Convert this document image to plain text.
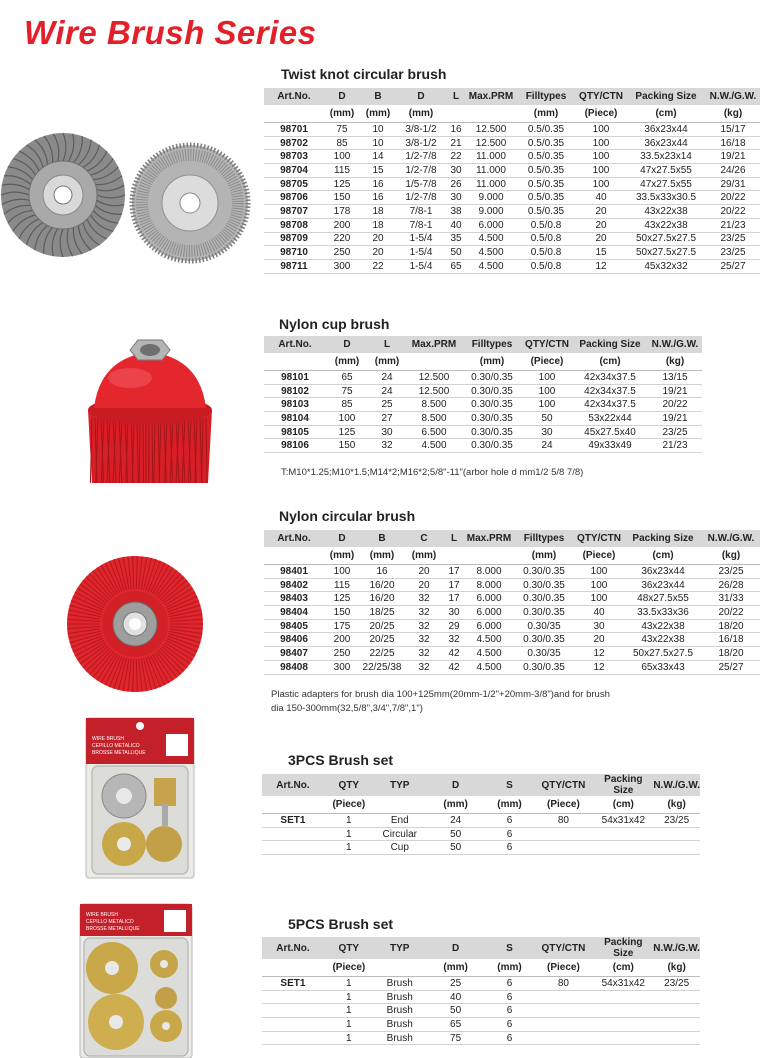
Wire Brush Series
Twist knot circular brush
Art.No.	D	B	D	L	Max.PRM	Filltypes	QTY/CTN	Packing Size	N.W./G.W.
	(mm)	(mm)	(mm)			(mm)	(Piece)	(cm)	(kg)
98701	75	10	3/8-1/2	16	12.500	0.5/0.35	100	36x23x44	15/17
98702	85	10	3/8-1/2	21	12.500	0.5/0.35	100	36x23x44	16/18
98703	100	14	1/2-7/8	22	11.000	0.5/0.35	100	33.5x23x14	19/21
98704	115	15	1/2-7/8	30	11.000	0.5/0.35	100	47x27.5x55	24/26
98705	125	16	1/5-7/8	26	11.000	0.5/0.35	100	47x27.5x55	29/31
98706	150	16	1/2-7/8	30	9.000	0.5/0.35	40	33.5x33x30.5	20/22
98707	178	18	7/8-1	38	9.000	0.5/0.35	20	43x22x38	20/22
98708	200	18	7/8-1	40	6.000	0.5/0.8	20	43x22x38	21/23
98709	220	20	1-5/4	35	4.500	0.5/0.8	20	50x27.5x27.5	23/25
98710	250	20	1-5/4	50	4.500	0.5/0.8	15	50x27.5x27.5	23/25
98711	300	22	1-5/4	65	4.500	0.5/0.8	12	45x32x32	25/27
Nylon cup brush
Art.No.	D	L	Max.PRM	Filltypes	QTY/CTN	Packing Size	N.W./G.W.
	(mm)	(mm)		(mm)	(Piece)	(cm)	(kg)
98101	65	24	12.500	0.30/0.35	100	42x34x37.5	13/15
98102	75	24	12.500	0.30/0.35	100	42x34x37.5	19/21
98103	85	25	8.500	0.30/0.35	100	42x34x37.5	20/22
98104	100	27	8.500	0.30/0.35	50	53x22x44	19/21
98105	125	30	6.500	0.30/0.35	30	45x27.5x40	23/25
98106	150	32	4.500	0.30/0.35	24	49x33x49	21/23
T:M10*1.25;M10*1.5;M14*2;M16*2;5/8"-11"(arbor hole d mm1/2 5/8 7/8)
Nylon circular brush
Art.No.	D	B	C	L	Max.PRM	Filltypes	QTY/CTN	Packing Size	N.W./G.W.
	(mm)	(mm)	(mm)			(mm)	(Piece)	(cm)	(kg)
98401	100	16	20	17	8.000	0.30/0.35	100	36x23x44	23/25
98402	115	16/20	20	17	8.000	0.30/0.35	100	36x23x44	26/28
98403	125	16/20	32	17	6.000	0.30/0.35	100	48x27.5x55	31/33
98404	150	18/25	32	30	6.000	0.30/0.35	40	33.5x33x36	20/22
98405	175	20/25	32	29	6.000	0.30/35	30	43x22x38	18/20
98406	200	20/25	32	32	4.500	0.30/0.35	20	43x22x38	16/18
98407	250	22/25	32	42	4.500	0.30/35	12	50x27.5x27.5	18/20
98408	300	22/25/38	32	42	4.500	0.30/0.35	12	65x33x43	25/27
Plastic adapters for brush dia 100+125mm(20mm-1/2"+20mm-3/8")and for brush
dia 150-300mm(32,5/8",3/4",7/8",1")
3PCS Brush set
Art.No.	QTY	TYP	D	S	QTY/CTN	Packing Size	N.W./G.W.
	(Piece)		(mm)	(mm)	(Piece)	(cm)	(kg)
SET1	1	End	24	6	80	54x31x42	23/25
	1	Circular	50	6			
	1	Cup	50	6			
WIRE BRUSH
CEPILLO METALICO
BROSSE METALLIQUE
5PCS Brush set
Art.No.	QTY	TYP	D	S	QTY/CTN	Packing Size	N.W./G.W.
	(Piece)		(mm)	(mm)	(Piece)	(cm)	(kg)
SET1	1	Brush	25	6	80	54x31x42	23/25
	1	Brush	40	6			
	1	Brush	50	6			
	1	Brush	65	6			
	1	Brush	75	6			
WIRE BRUSH
CEPILLO METALICO
BROSSE METALLIQUE
